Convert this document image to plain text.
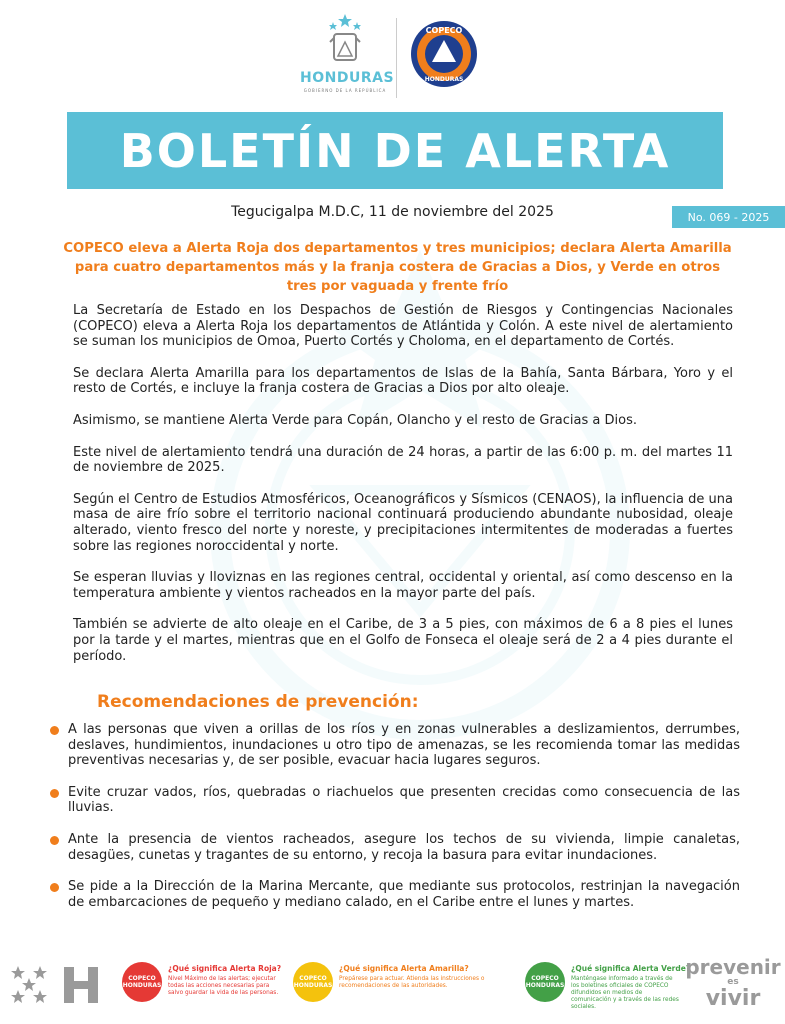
HONDURAS
GOBIERNO DE LA REPÚBLICA
COPECO
HONDURAS
BOLETÍN DE ALERTA
Tegucigalpa M.D.C, 11 de noviembre del 2025	No. 069 - 2025
COPECO eleva a Alerta Roja dos departamentos y tres municipios; declara Alerta Amarilla para cuatro departamentos más y la franja costera de Gracias a Dios, y Verde en otros tres por vaguada y frente frío

La Secretaría de Estado en los Despachos de Gestión de Riesgos y Contingencias Nacionales (COPECO) eleva a Alerta Roja los departamentos de Atlántida y Colón. A este nivel de alertamiento se suman los municipios de Omoa, Puerto Cortés y Choloma, en el departamento de Cortés.

Se declara Alerta Amarilla para los departamentos de Islas de la Bahía, Santa Bárbara, Yoro y el resto de Cortés, e incluye la franja costera de Gracias a Dios por alto oleaje.

Asimismo, se mantiene Alerta Verde para Copán, Olancho y el resto de Gracias a Dios.

Este nivel de alertamiento tendrá una duración de 24 horas, a partir de las 6:00 p. m. del martes 11 de noviembre de 2025.

Según el Centro de Estudios Atmosféricos, Oceanográficos y Sísmicos (CENAOS), la influencia de una masa de aire frío sobre el territorio nacional continuará produciendo abundante nubosidad, oleaje alterado, viento fresco del norte y noreste, y precipitaciones intermitentes de moderadas a fuertes sobre las regiones noroccidental y norte.

Se esperan lluvias y lloviznas en las regiones central, occidental y oriental, así como descenso en la temperatura ambiente y vientos racheados en la mayor parte del país.

También se advierte de alto oleaje en el Caribe, de 3 a 5 pies, con máximos de 6 a 8 pies el lunes por la tarde y el martes, mientras que en el Golfo de Fonseca el oleaje será de 2 a 4 pies durante el período.

Recomendaciones de prevención:
A las personas que viven a orillas de los ríos y en zonas vulnerables a deslizamientos, derrumbes, deslaves, hundimientos, inundaciones u otro tipo de amenazas, se les recomienda tomar las medidas preventivas necesarias y, de ser posible, evacuar hacia lugares seguros.
Evite cruzar vados, ríos, quebradas o riachuelos que presenten crecidas como consecuencia de las lluvias.
Ante la presencia de vientos racheados, asegure los techos de su vivienda, limpie canaletas, desagües, cunetas y tragantes de su entorno, y recoja la basura para evitar inundaciones.
Se pide a la Dirección de la Marina Mercante, que mediante sus protocolos, restrinjan la navegación de embarcaciones de pequeño y mediano calado, en el Caribe entre el lunes y martes.
COPECO HONDURAS
¿Qué significa Alerta Roja?
Nivel Máximo de las alertas; ejecutar todas las acciones necesarias para salvo guardar la vida de las personas.
COPECO HONDURAS
¿Qué significa Alerta Amarilla?
Prepárese para actuar. Atienda las instrucciones o recomendaciones de las autoridades.
COPECO HONDURAS
¿Qué significa Alerta Verde?
Manténgase informado a través de los boletines oficiales de COPECO difundidos en medios de comunicación y a través de las redes sociales.
prevenir
es
vivir
